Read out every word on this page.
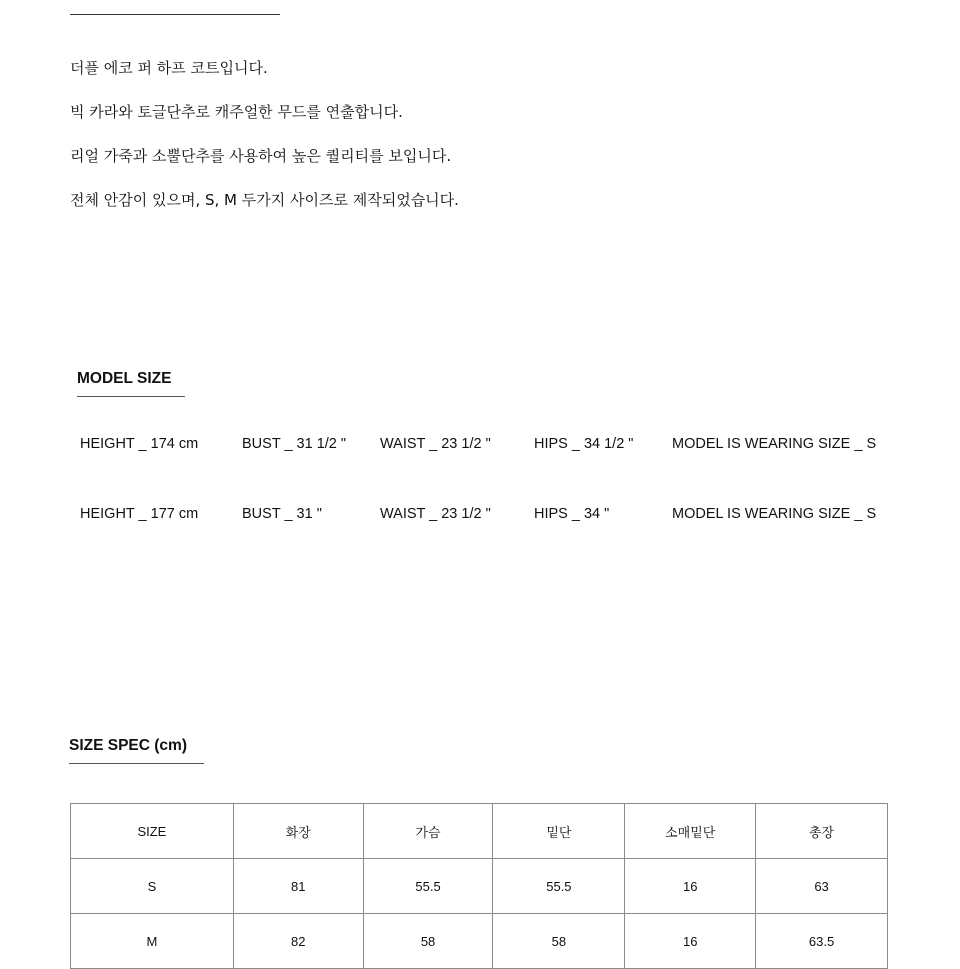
더플 에코 퍼 하프 코트입니다.

빅 카라와 토글단추로 캐주얼한 무드를 연출합니다.

리얼 가죽과 소뿔단추를 사용하여 높은 퀄리티를 보입니다.

전체 안감이 있으며, S, M 두가지 사이즈로 제작되었습니다.

MODEL SIZE
HEIGHT _ 174 cm	BUST _ 31 1/2 " WAIST _ 23 1/2 "	HIPS _ 34 1/2 "	MODEL IS WEARING SIZE _ S
HEIGHT _ 177 cm	BUST _ 31 "	WAIST _ 23 1/2 "	HIPS _ 34 "	MODEL IS WEARING SIZE _ S
SIZE SPEC (cm)
SIZE	화장	가슴	밑단	소매밑단	총장
S	81	55.5	55.5	16	63
M	82	58	58	16	63.5
